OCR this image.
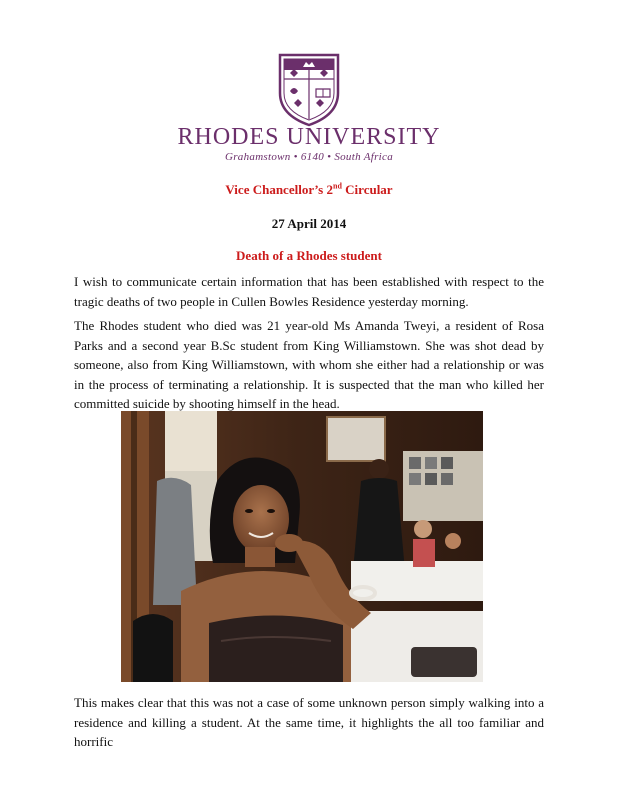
RHODES UNIVERSITY
Grahamstown • 6140 • South Africa
Vice Chancellor’s 2nd Circular
27 April 2014
Death of a Rhodes student

I wish to communicate certain information that has been established with respect to the tragic deaths of two people in Cullen Bowles Residence yesterday morning.

The Rhodes student who died was 21 year-old Ms Amanda Tweyi, a resident of Rosa Parks and a second year B.Sc student from King Williamstown. She was shot dead by someone, also from King Williamstown, with whom she either had a relationship or was in the process of terminating a relationship. It is suspected that the man who killed her committed suicide by shooting himself in the head.

This makes clear that this was not a case of some unknown person simply walking into a residence and killing a student. At the same time, it highlights the all too familiar and horrific
